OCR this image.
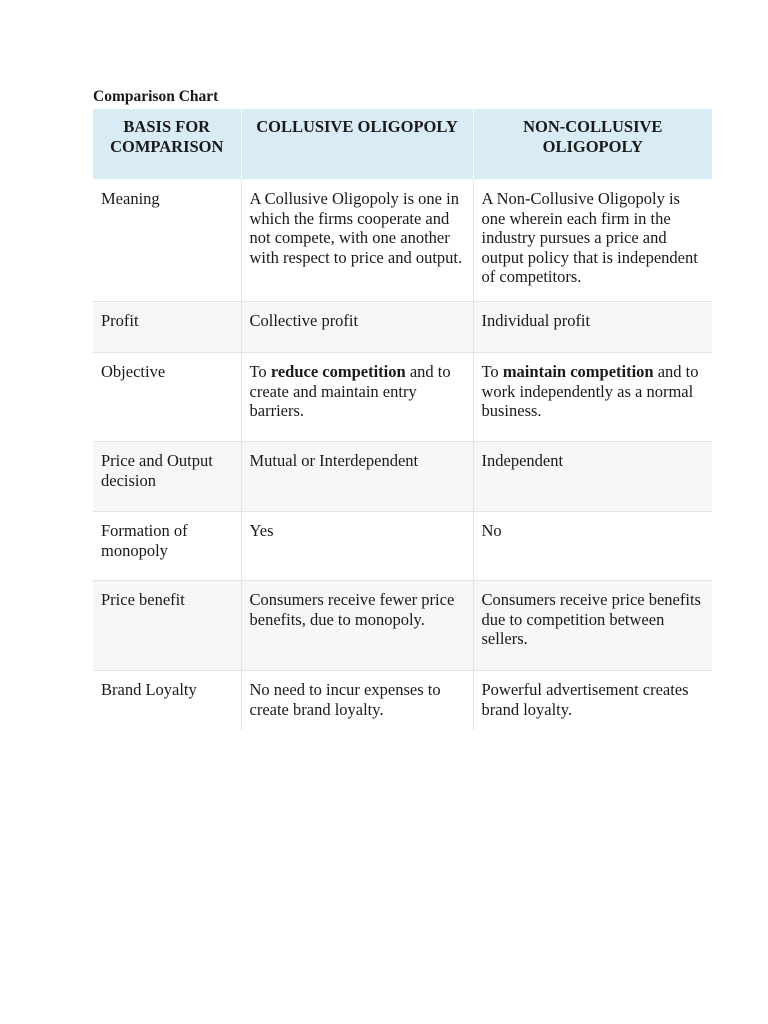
Comparison Chart
BASIS FOR COMPARISON	COLLUSIVE OLIGOPOLY	NON-COLLUSIVE OLIGOPOLY
Meaning	A Collusive Oligopoly is one in which the firms cooperate and not compete, with one another with respect to price and output.	A Non-Collusive Oligopoly is one wherein each firm in the industry pursues a price and output policy that is independent of competitors.
Profit	Collective profit	Individual profit
Objective	To reduce competition and to create and maintain entry barriers.	To maintain competition and to work independently as a normal business.
Price and Output decision	Mutual or Interdependent	Independent
Formation of monopoly	Yes	No
Price benefit	Consumers receive fewer price benefits, due to monopoly.	Consumers receive price benefits due to competition between sellers.
Brand Loyalty	No need to incur expenses to create brand loyalty.	Powerful advertisement creates brand loyalty.
